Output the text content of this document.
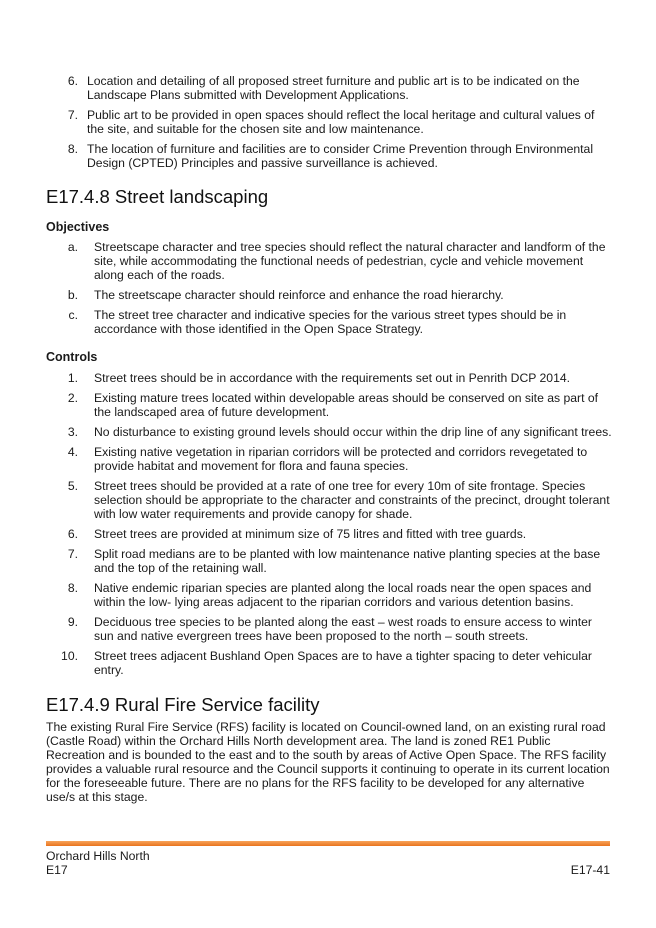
6. Location and detailing of all proposed street furniture and public art is to be indicated on the Landscape Plans submitted with Development Applications.
7. Public art to be provided in open spaces should reflect the local heritage and cultural values of the site, and suitable for the chosen site and low maintenance.
8. The location of furniture and facilities are to consider Crime Prevention through Environmental Design (CPTED) Principles and passive surveillance is achieved.
E17.4.8 Street landscaping
Objectives
a. Streetscape character and tree species should reflect the natural character and landform of the site, while accommodating the functional needs of pedestrian, cycle and vehicle movement along each of the roads.
b. The streetscape character should reinforce and enhance the road hierarchy.
c. The street tree character and indicative species for the various street types should be in accordance with those identified in the Open Space Strategy.
Controls
1. Street trees should be in accordance with the requirements set out in Penrith DCP 2014.
2. Existing mature trees located within developable areas should be conserved on site as part of the landscaped area of future development.
3. No disturbance to existing ground levels should occur within the drip line of any significant trees.
4. Existing native vegetation in riparian corridors will be protected and corridors revegetated to provide habitat and movement for flora and fauna species.
5. Street trees should be provided at a rate of one tree for every 10m of site frontage. Species selection should be appropriate to the character and constraints of the precinct, drought tolerant with low water requirements and provide canopy for shade.
6. Street trees are provided at minimum size of 75 litres and fitted with tree guards.
7. Split road medians are to be planted with low maintenance native planting species at the base and the top of the retaining wall.
8. Native endemic riparian species are planted along the local roads near the open spaces and within the low- lying areas adjacent to the riparian corridors and various detention basins.
9. Deciduous tree species to be planted along the east – west roads to ensure access to winter sun and native evergreen trees have been proposed to the north – south streets.
10. Street trees adjacent Bushland Open Spaces are to have a tighter spacing to deter vehicular entry.
E17.4.9 Rural Fire Service facility

The existing Rural Fire Service (RFS) facility is located on Council-owned land, on an existing rural road (Castle Road) within the Orchard Hills North development area. The land is zoned RE1 Public Recreation and is bounded to the east and to the south by areas of Active Open Space. The RFS facility provides a valuable rural resource and the Council supports it continuing to operate in its current location for the foreseeable future. There are no plans for the RFS facility to be developed for any alternative use/s at this stage.

Orchard Hills North
E17	E17-41
